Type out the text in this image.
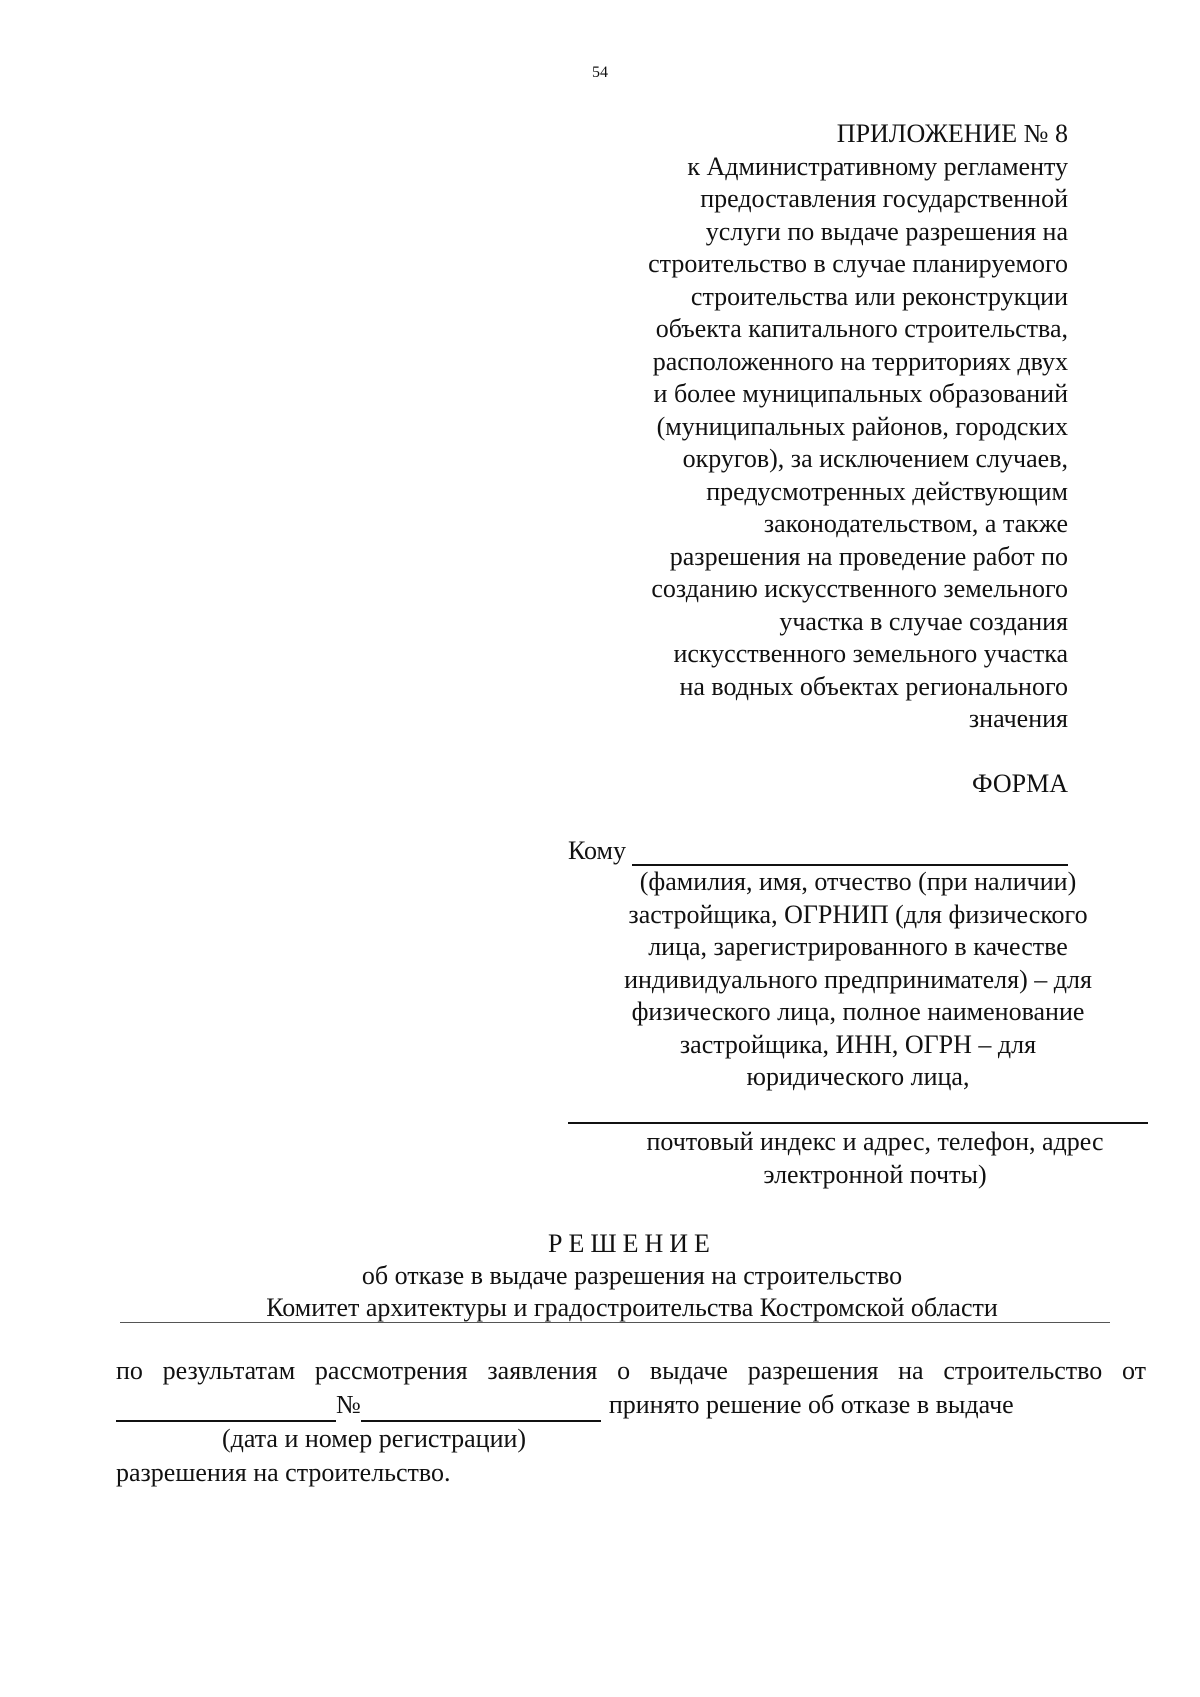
54
ПРИЛОЖЕНИЕ № 8
к Административному регламенту
предоставления государственной
услуги по выдаче разрешения на
строительство в случае планируемого
строительства или реконструкции
объекта капитального строительства,
расположенного на территориях двух
и более муниципальных образований
(муниципальных районов, городских
округов), за исключением случаев,
предусмотренных действующим
законодательством, а также
разрешения на проведение работ по
созданию искусственного земельного
участка в случае создания
искусственного земельного участка
на водных объектах регионального
значения
ФОРМА
Кому
(фамилия, имя, отчество (при наличии)
застройщика, ОГРНИП (для физического
лица, зарегистрированного в качестве
индивидуального предпринимателя) – для
физического лица, полное наименование
застройщика, ИНН, ОГРН – для
юридического лица,
почтовый индекс и адрес, телефон, адрес
электронной почты)
РЕШЕНИЕ
об отказе в выдаче разрешения на строительство
Комитет архитектуры и градостроительства Костромской области
по результатам рассмотрения заявления о выдаче разрешения на строительство от
№	принято решение об отказе в выдаче
(дата и номер регистрации)
разрешения на строительство.
